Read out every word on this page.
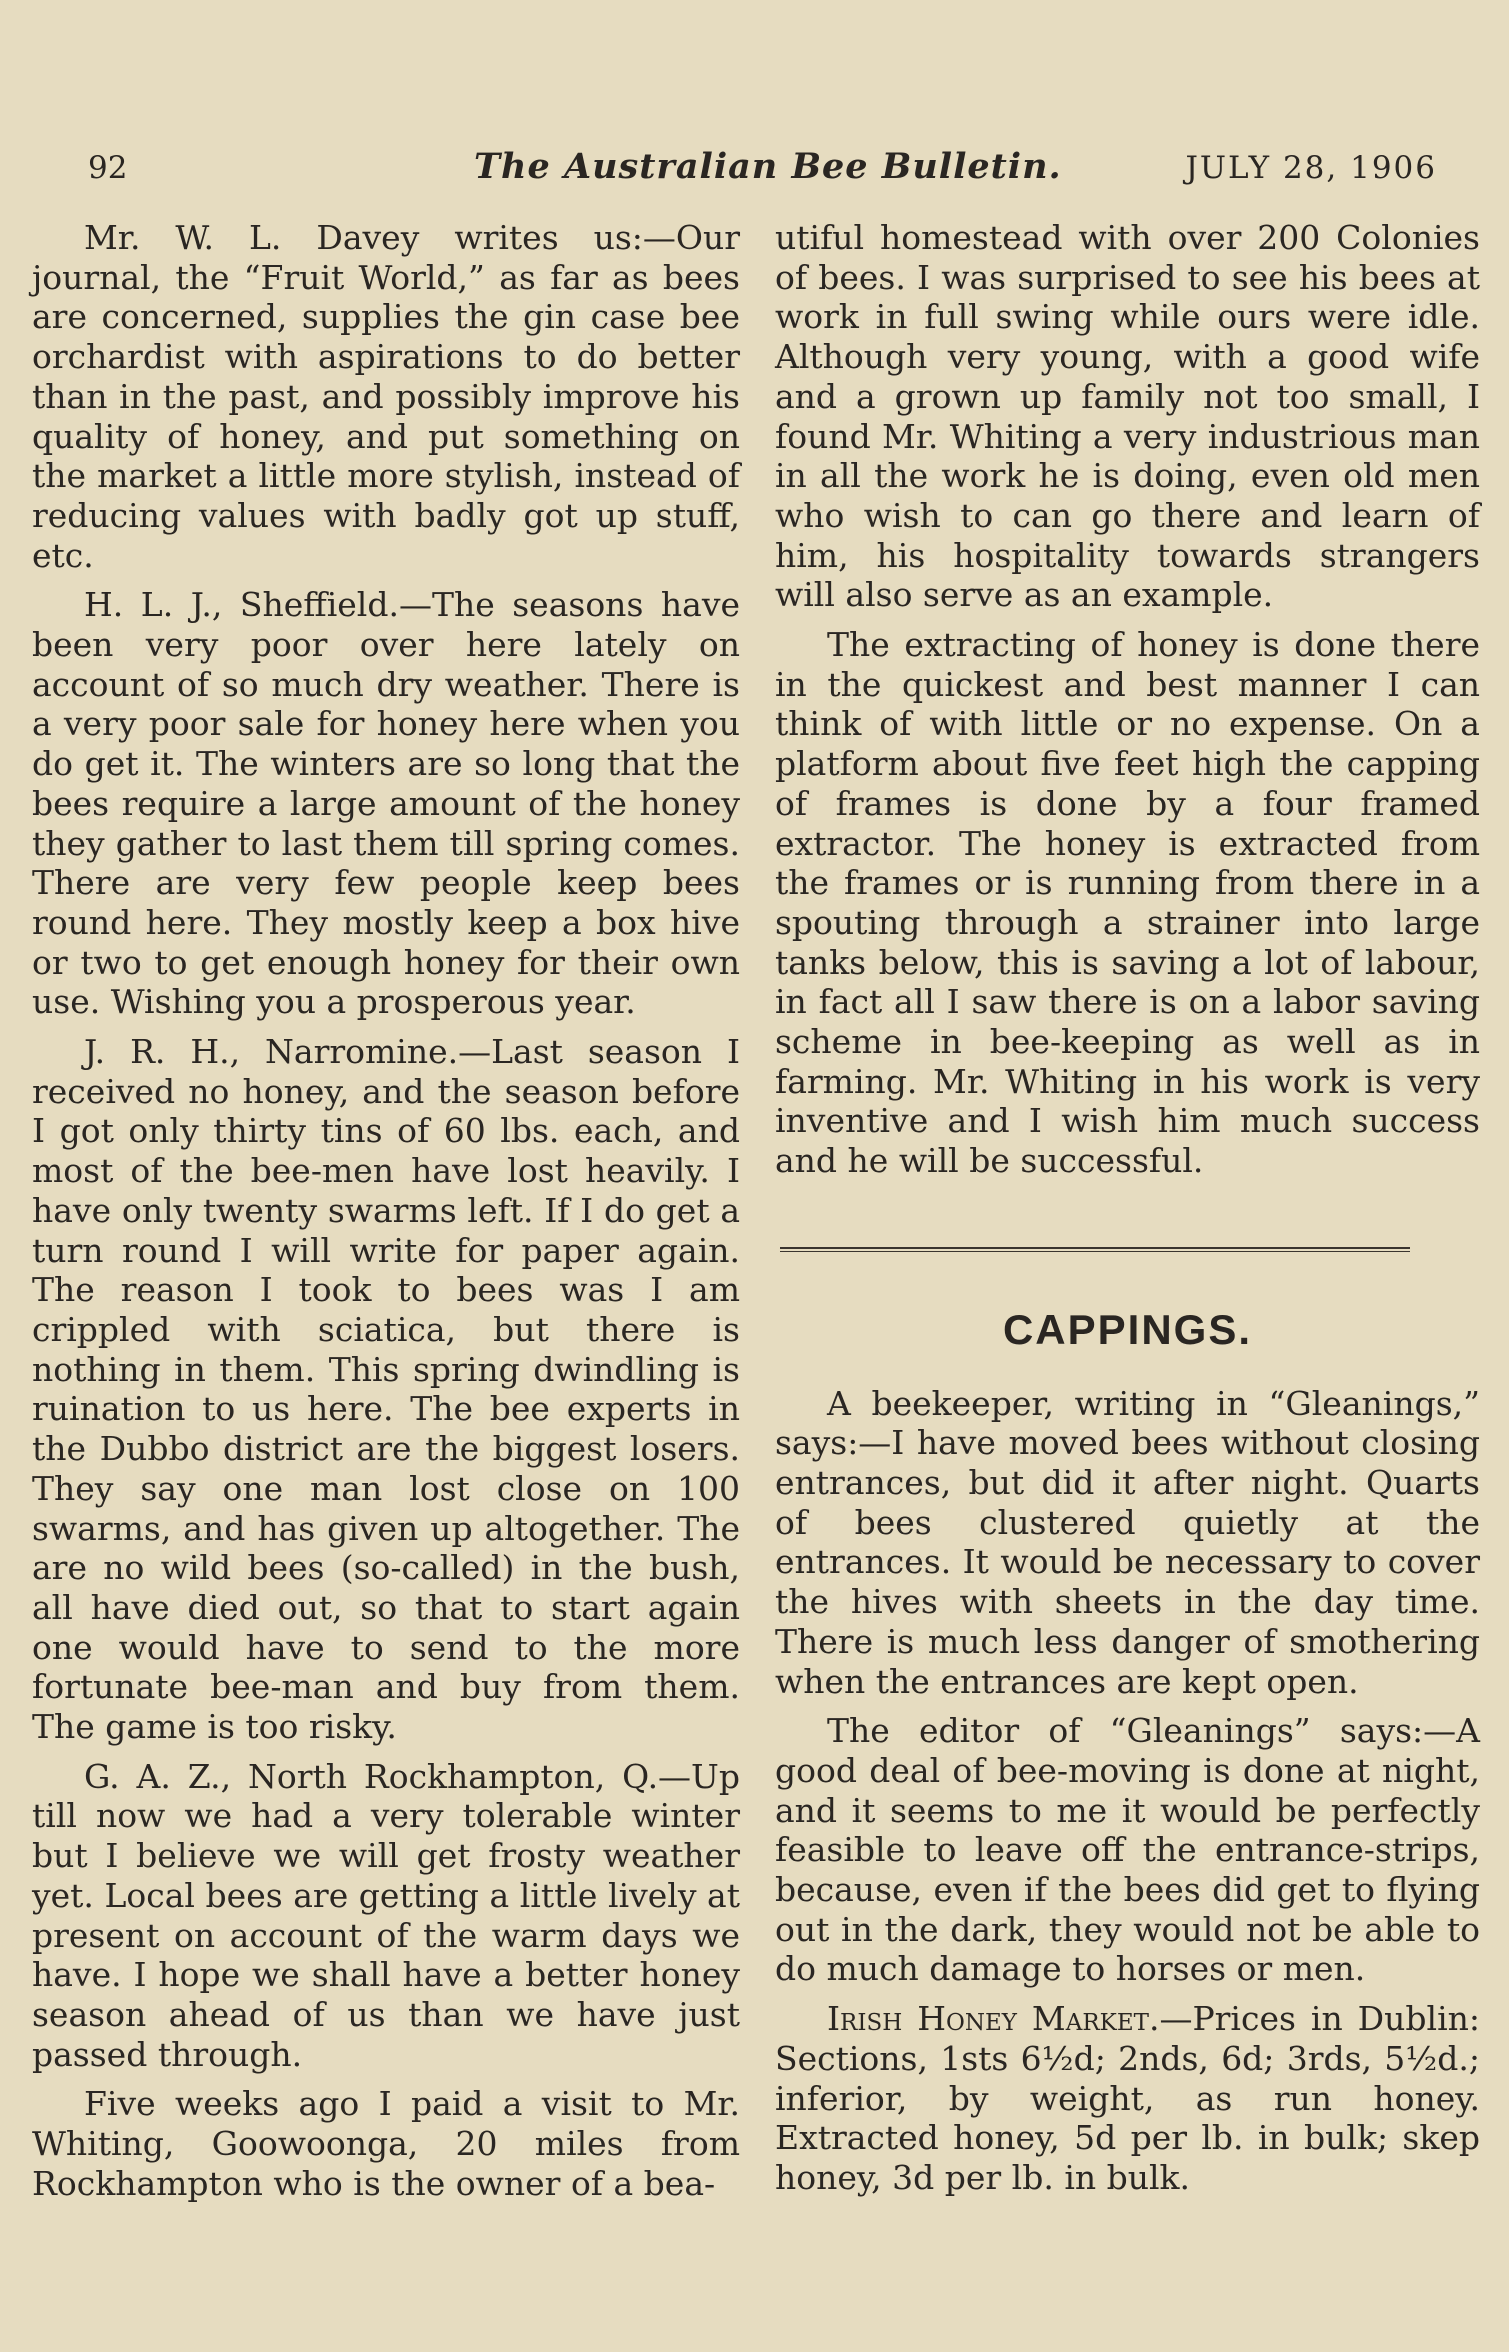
92	The Australian Bee Bulletin.	JULY 28, 1906

Mr. W. L. Davey writes us:—Our journal, the “Fruit World,” as far as bees are concerned, supplies the gin case bee orchardist with aspirations to do better than in the past, and possibly improve his quality of honey, and put something on the market a little more stylish, instead of reducing values with badly got up stuff, etc.

H. L. J., Sheffield.—The seasons have been very poor over here lately on account of so much dry weather. There is a very poor sale for honey here when you do get it. The winters are so long that the bees require a large amount of the honey they gather to last them till spring comes. There are very few people keep bees round here. They mostly keep a box hive or two to get enough honey for their own use. Wishing you a prosperous year.

J. R. H., Narromine.—Last season I received no honey, and the season before I got only thirty tins of 60 lbs. each, and most of the bee-men have lost heavily. I have only twenty swarms left. If I do get a turn round I will write for paper again. The reason I took to bees was I am crippled with sciatica, but there is nothing in them. This spring dwindling is ruination to us here. The bee experts in the Dubbo district are the biggest losers. They say one man lost close on 100 swarms, and has given up altogether. The are no wild bees (so-called) in the bush, all have died out, so that to start again one would have to send to the more fortunate bee-man and buy from them. The game is too risky.

G. A. Z., North Rockhampton, Q.—Up till now we had a very tolerable winter but I believe we will get frosty weather yet. Local bees are getting a little lively at present on account of the warm days we have. I hope we shall have a better honey season ahead of us than we have just passed through.

Five weeks ago I paid a visit to Mr. Whiting, Goowoonga, 20 miles from Rockhampton who is the owner of a bea-

utiful homestead with over 200 Colonies of bees. I was surprised to see his bees at work in full swing while ours were idle. Although very young, with a good wife and a grown up family not too small, I found Mr. Whiting a very industrious man in all the work he is doing, even old men who wish to can go there and learn of him, his hospitality towards strangers will also serve as an example.

The extracting of honey is done there in the quickest and best manner I can think of with little or no expense. On a platform about five feet high the capping of frames is done by a four framed extractor. The honey is extracted from the frames or is running from there in a spouting through a strainer into large tanks below, this is saving a lot of labour, in fact all I saw there is on a labor saving scheme in bee-keeping as well as in farming. Mr. Whiting in his work is very inventive and I wish him much success and he will be successful.

CAPPINGS.

A beekeeper, writing in “Gleanings,” says:—I have moved bees without closing entrances, but did it after night. Quarts of bees clustered quietly at the entrances. It would be necessary to cover the hives with sheets in the day time. There is much less danger of smothering when the entrances are kept open.

The editor of “Gleanings” says:—A good deal of bee-moving is done at night, and it seems to me it would be perfectly feasible to leave off the entrance-strips, because, even if the bees did get to flying out in the dark, they would not be able to do much damage to horses or men.

Irish Honey Market.—Prices in Dublin: Sections, 1sts 6½d; 2nds, 6d; 3rds, 5½d.; inferior, by weight, as run honey. Extracted honey, 5d per lb. in bulk; skep honey, 3d per lb. in bulk.
